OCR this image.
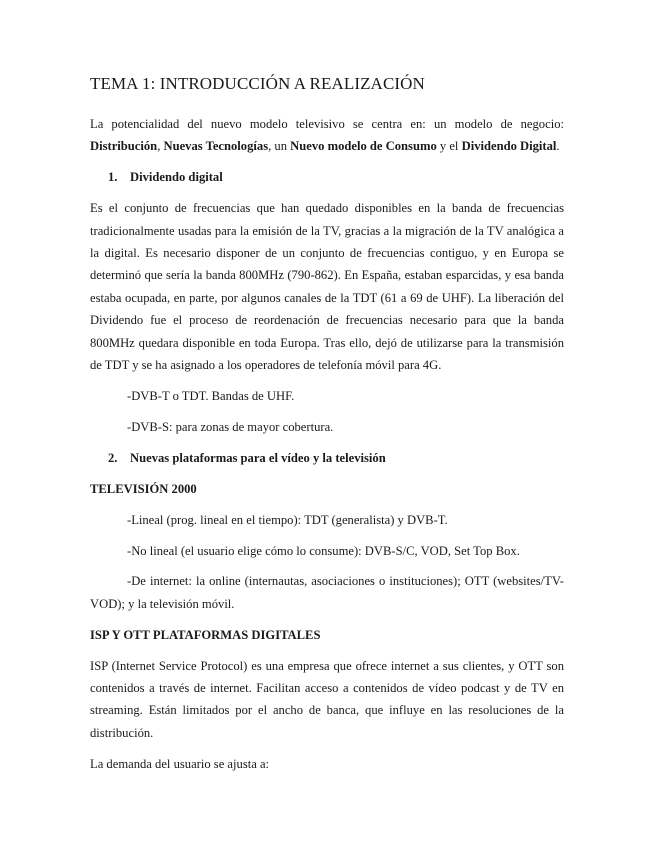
TEMA 1: INTRODUCCIÓN A REALIZACIÓN

La potencialidad del nuevo modelo televisivo se centra en: un modelo de negocio: Distribución, Nuevas Tecnologías, un Nuevo modelo de Consumo y el Dividendo Digital.

1. Dividendo digital

Es el conjunto de frecuencias que han quedado disponibles en la banda de frecuencias tradicionalmente usadas para la emisión de la TV, gracias a la migración de la TV analógica a la digital. Es necesario disponer de un conjunto de frecuencias contiguo, y en Europa se determinó que sería la banda 800MHz (790-862). En España, estaban esparcidas, y esa banda estaba ocupada, en parte, por algunos canales de la TDT (61 a 69 de UHF). La liberación del Dividendo fue el proceso de reordenación de frecuencias necesario para que la banda 800MHz quedara disponible en toda Europa. Tras ello, dejó de utilizarse para la transmisión de TDT y se ha asignado a los operadores de telefonía móvil para 4G.

-DVB-T o TDT. Bandas de UHF.

-DVB-S: para zonas de mayor cobertura.

2. Nuevas plataformas para el vídeo y la televisión
TELEVISIÓN 2000

-Lineal (prog. lineal en el tiempo): TDT (generalista) y DVB-T.

-No lineal (el usuario elige cómo lo consume): DVB-S/C, VOD, Set Top Box.

-De internet: la online (internautas, asociaciones o instituciones); OTT (websites/TV-VOD); y la televisión móvil.

ISP Y OTT PLATAFORMAS DIGITALES

ISP (Internet Service Protocol) es una empresa que ofrece internet a sus clientes, y OTT son contenidos a través de internet. Facilitan acceso a contenidos de vídeo podcast y de TV en streaming. Están limitados por el ancho de banca, que influye en las resoluciones de la distribución.

La demanda del usuario se ajusta a:
